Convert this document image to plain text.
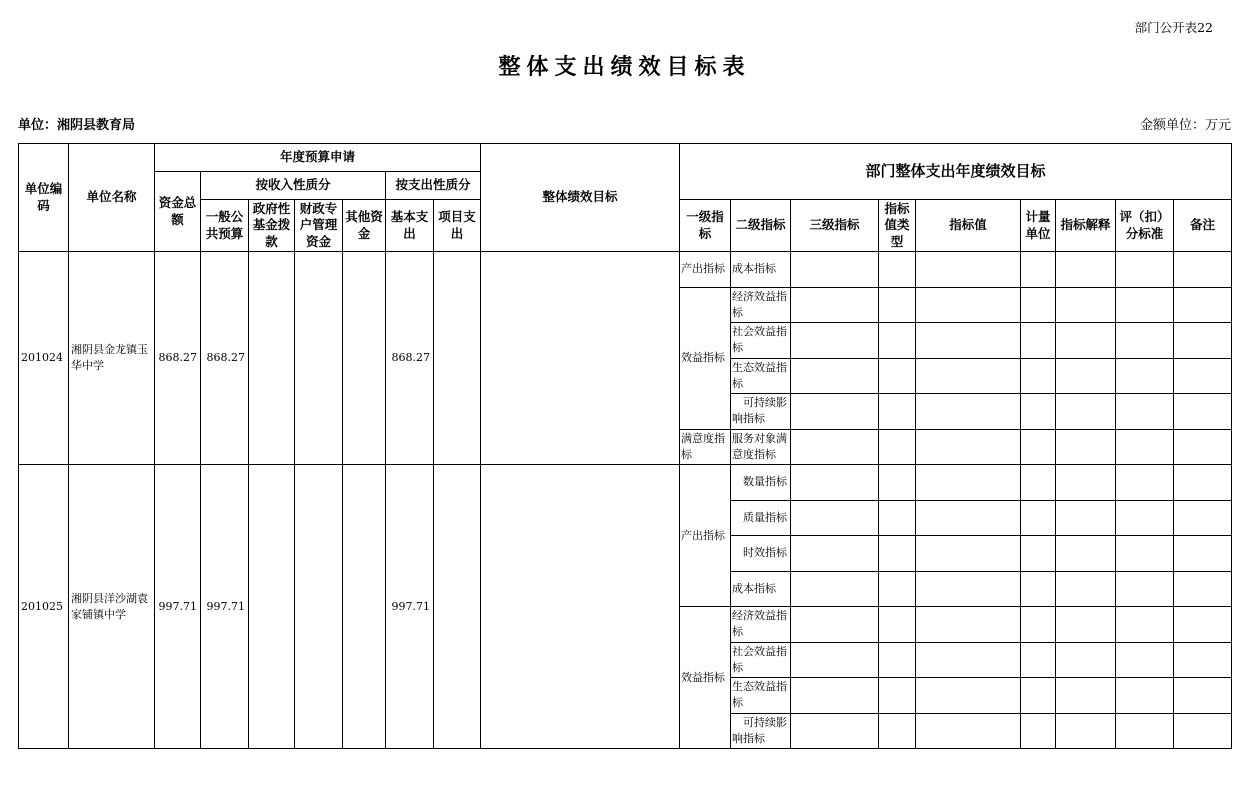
部门公开表22
整体支出绩效目标表
单位：湘阴县教育局	金额单位：万元
单位编码	单位名称	年度预算申请							整体绩效目标	部门整体支出年度绩效目标								
		资金总额	按收入性质分				按支出性质分											
			一般公共预算	政府性基金拨款	财政专户管理资金	其他资金	基本支出	项目支出		一级指标	二级指标	三级指标	指标值类型	指标值	计量单位	指标解释	评（扣）分标准	备注
201024	湘阴县金龙镇玉华中学	868.27	868.27				868.27			产出指标	成本指标							
										效益指标	经济效益指标							
											社会效益指标							
											生态效益指标							
											　可持续影响指标							
										满意度指标	服务对象满意度指标							
201025	湘阴县洋沙湖袁家铺镇中学	997.71	997.71				997.71			产出指标	　数量指标							
											　质量指标							
											　时效指标							
											成本指标							
										效益指标	经济效益指标							
											社会效益指标							
											生态效益指标							
											　可持续影响指标							
